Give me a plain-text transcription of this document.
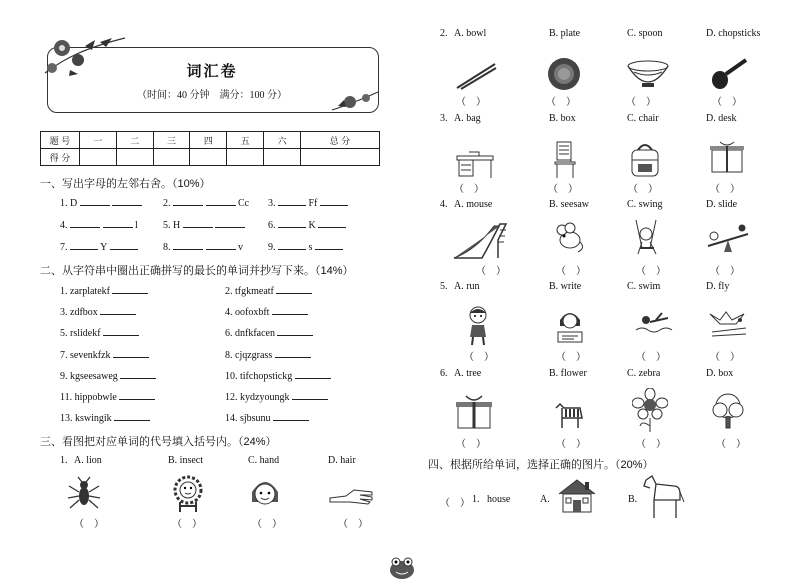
词汇卷
（时间：40 分钟　满分：100 分）
题 号	一	二	三	四	五	六	总 分
得 分							
一、写出字母的左邻右舍。（10%）
1. D	2.	Cc 3.	Ff
4.	l	5. H	6.	K
7.	Y	8.	v	9.	s
二、从字符串中圈出正确拼写的最长的单词并抄写下来。（14%）
1. zarplatekf	2. tfgkmeatf
3. zdfbox	4. oofoxbft
5. rslidekf	6. dnfkfacen
7. sevenkfzk	8. cjqzgrass
9. kgseesaweg	10. tifchopstickg
11. hippobwle	12. kydzyoungk
13. kswingik	14. sjbsunu
三、看图把对应单词的代号填入括号内。（24%）
1. A. lion	B. insect	C. hand	D. hair
（　）	（　）	（　）	（　）
2. A. bowl	B. plate	C. spoon	D. chopsticks
（　）	（　）	（　）	（　）
3. A. bag	B. box	C. chair	D. desk
（　）	（　）	（　）	（　）
4. A. mouse	B. seesaw	C. swing	D. slide
（　）	（　）	（　）	（　）
5. A. run	B. write	C. swim	D. fly
（　）	（　）	（　）	（　）
6. A. tree	B. flower	C. zebra	D. box
（　）	（　）	（　）	（　）
四、根据所给单词，选择正确的图片。（20%）
（　） 1. house	A.	B.
